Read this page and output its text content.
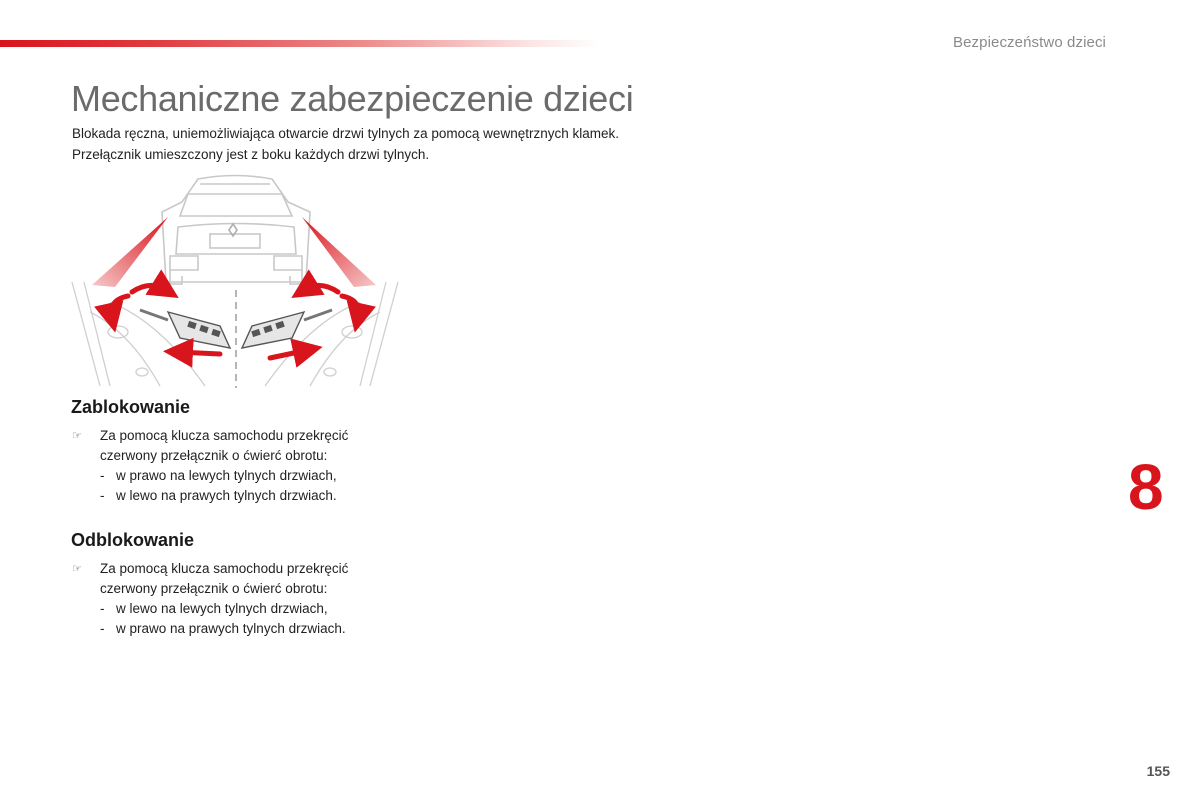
Bezpieczeństwo dzieci
Mechaniczne zabezpieczenie dzieci

Blokada ręczna, uniemożliwiająca otwarcie drzwi tylnych za pomocą wewnętrznych klamek.

Przełącznik umieszczony jest z boku każdych drzwi tylnych.

Zablokowanie
☞ Za pomocą klucza samochodu przekręcić
czerwony przełącznik o ćwierć obrotu:
- w prawo na lewych tylnych drzwiach,
- w lewo na prawych tylnych drzwiach.
Odblokowanie
☞ Za pomocą klucza samochodu przekręcić
czerwony przełącznik o ćwierć obrotu:
- w lewo na lewych tylnych drzwiach,
- w prawo na prawych tylnych drzwiach.
8
155
